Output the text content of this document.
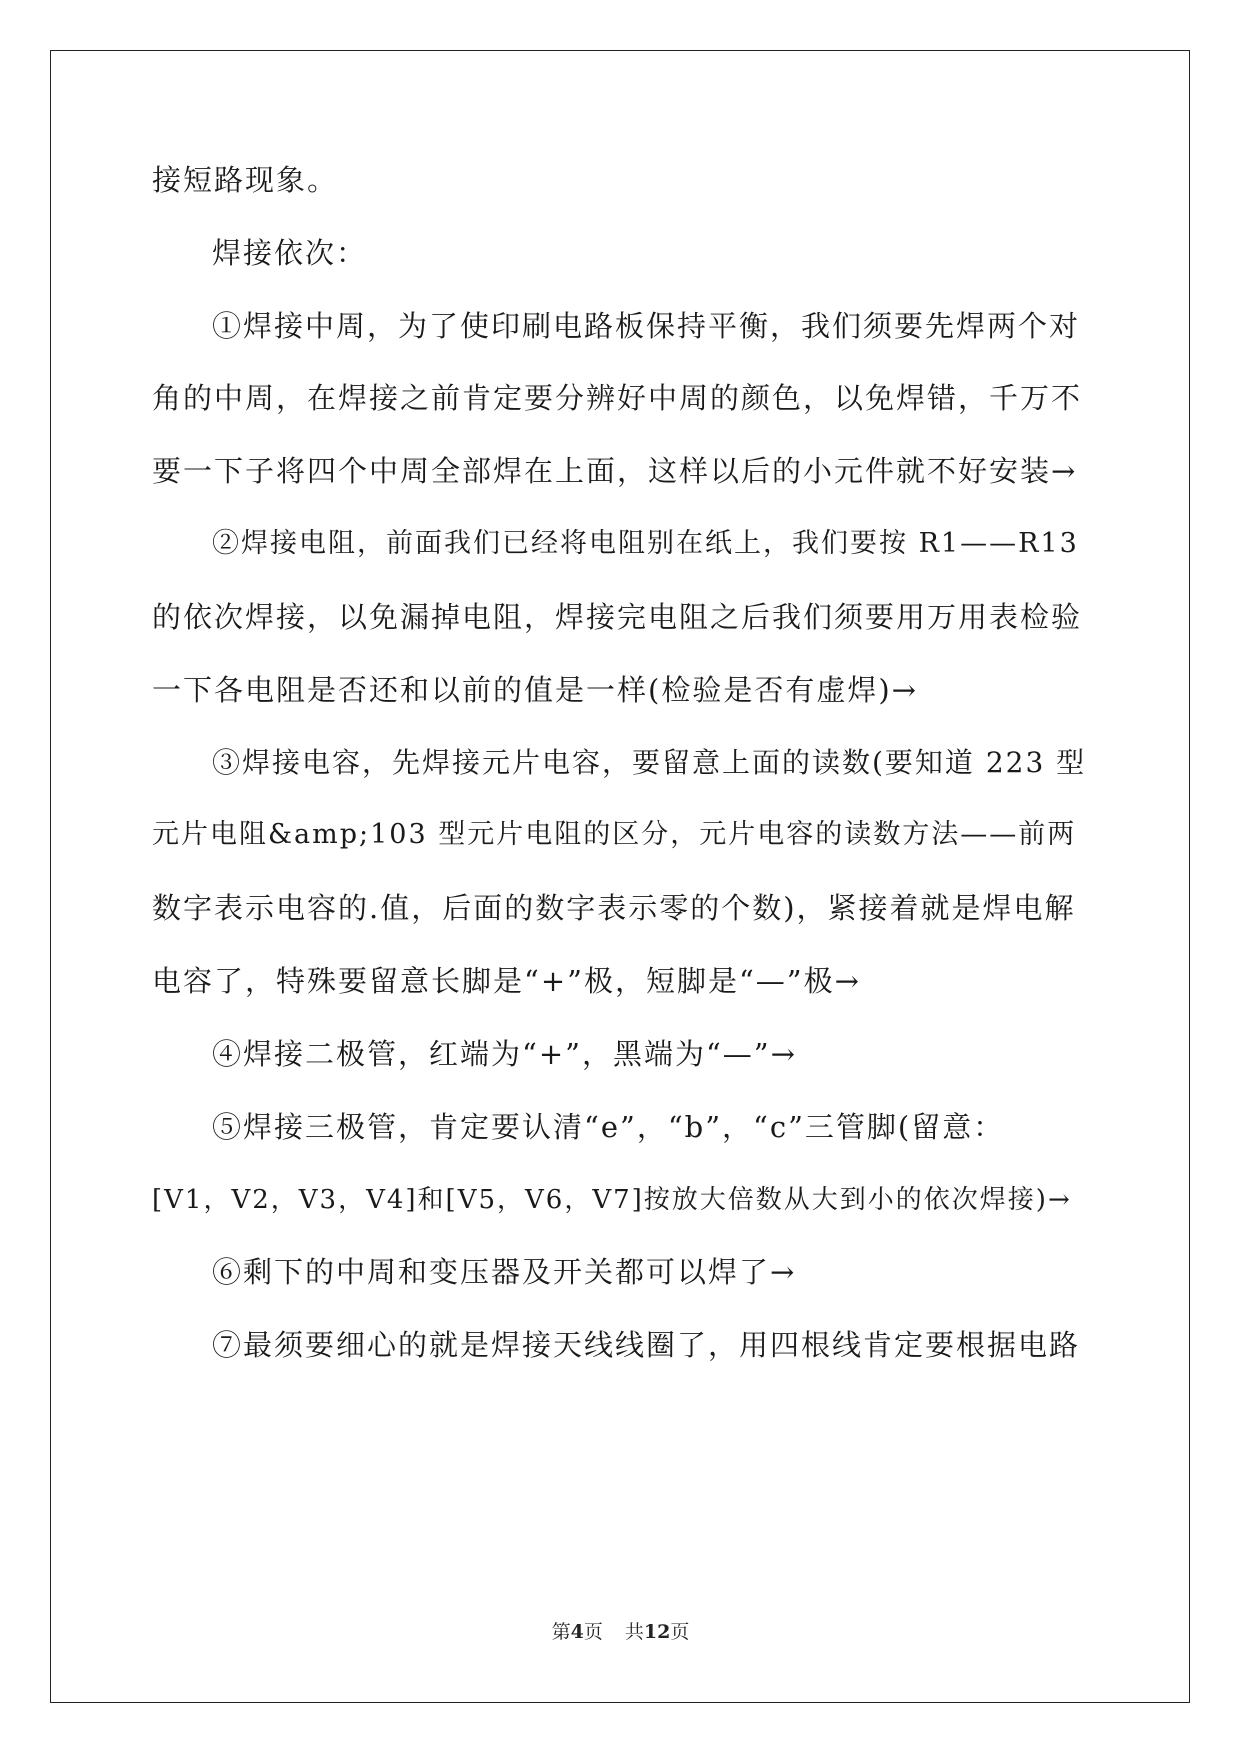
接短路现象。
焊接依次：
①焊接中周，为了使印刷电路板保持平衡，我们须要先焊两个对
角的中周，在焊接之前肯定要分辨好中周的颜色，以免焊错，千万不
要一下子将四个中周全部焊在上面，这样以后的小元件就不好安装→
②焊接电阻，前面我们已经将电阻别在纸上，我们要按 R1——R13
的依次焊接，以免漏掉电阻，焊接完电阻之后我们须要用万用表检验
一下各电阻是否还和以前的值是一样(检验是否有虚焊)→
③焊接电容，先焊接元片电容，要留意上面的读数(要知道 223 型
元片电阻&amp;103 型元片电阻的区分，元片电容的读数方法——前两
数字表示电容的.值，后面的数字表示零的个数)，紧接着就是焊电解
电容了，特殊要留意长脚是“+”极，短脚是“—”极→
④焊接二极管，红端为“+”，黑端为“—”→
⑤焊接三极管，肯定要认清“e”，“b”，“c”三管脚(留意：
[V1，V2，V3，V4]和[V5，V6，V7]按放大倍数从大到小的依次焊接)→
⑥剩下的中周和变压器及开关都可以焊了→
⑦最须要细心的就是焊接天线线圈了，用四根线肯定要根据电路
第4页 共12页
